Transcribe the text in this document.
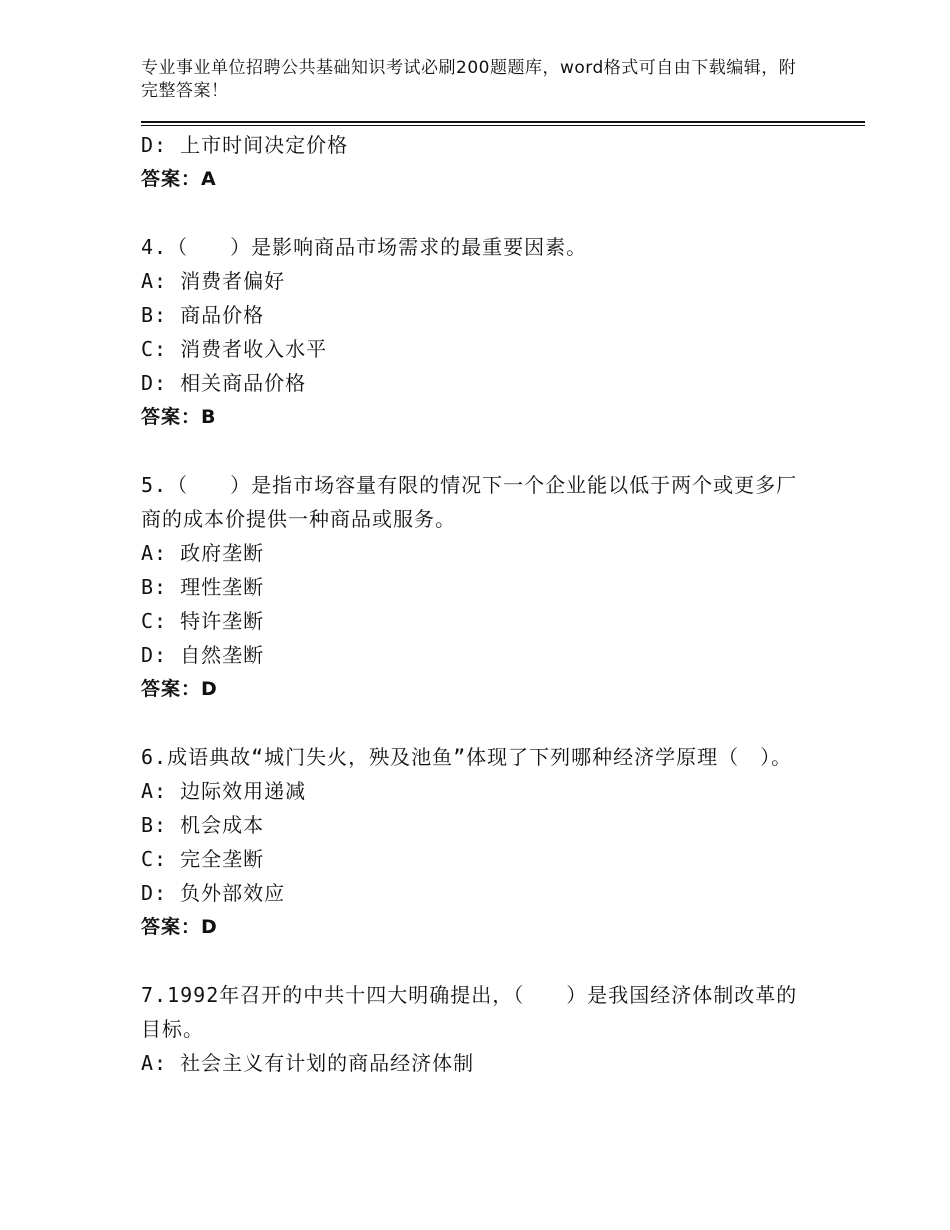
专业事业单位招聘公共基础知识考试必刷200题题库，word格式可自由下载编辑，附完整答案！
D: 上市时间决定价格
答案：A
4.（　　）是影响商品市场需求的最重要因素。
A: 消费者偏好
B: 商品价格
C: 消费者收入水平
D: 相关商品价格
答案：B
5.（　　）是指市场容量有限的情况下一个企业能以低于两个或更多厂商的成本价提供一种商品或服务。
A: 政府垄断
B: 理性垄断
C: 特许垄断
D: 自然垄断
答案：D
6.成语典故“城门失火，殃及池鱼”体现了下列哪种经济学原理（　）。
A: 边际效用递减
B: 机会成本
C: 完全垄断
D: 负外部效应
答案：D
7.1992年召开的中共十四大明确提出，（　　）是我国经济体制改革的目标。
A: 社会主义有计划的商品经济体制
